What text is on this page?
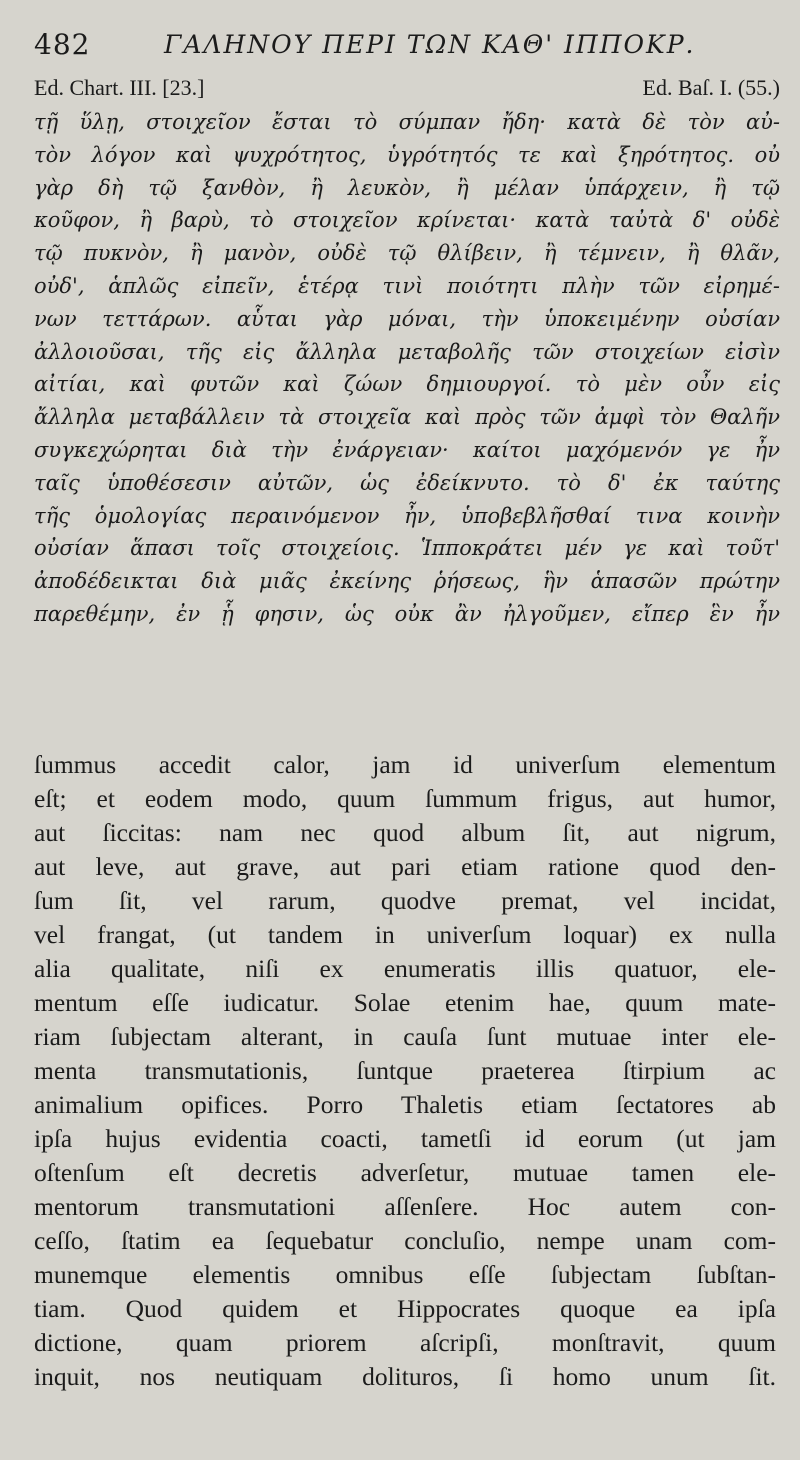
482	ΓΑΛΗΝΟΥ ΠΕΡΙ ΤΩΝ ΚΑΘ' ΙΠΠΟΚΡ.
Ed. Chart. III. [23.]	Ed. Baſ. I. (55.)
τῇ ὕλῃ, στοιχεῖον ἔσται τὸ σύμπαν ἤδη· κατὰ δὲ τὸν αὐ-
τὸν λόγον καὶ ψυχρότητος, ὑγρότητός τε καὶ ξηρότητος. οὐ
γὰρ δὴ τῷ ξανθὸν, ἢ λευκὸν, ἢ μέλαν ὑπάρχειν, ἢ τῷ
κοῦφον, ἢ βαρὺ, τὸ στοιχεῖον κρίνεται· κατὰ ταὐτὰ δ' οὐδὲ
τῷ πυκνὸν, ἢ μανὸν, οὐδὲ τῷ θλίβειν, ἢ τέμνειν, ἢ θλᾶν,
οὐδ', ἁπλῶς εἰπεῖν, ἑτέρᾳ τινὶ ποιότητι πλὴν τῶν εἰρημέ-
νων τεττάρων. αὗται γὰρ μόναι, τὴν ὑποκειμένην οὐσίαν
ἀλλοιοῦσαι, τῆς εἰς ἄλληλα μεταβολῆς τῶν στοιχείων εἰσὶν
αἰτίαι, καὶ φυτῶν καὶ ζώων δημιουργοί. τὸ μὲν οὖν εἰς
ἄλληλα μεταβάλλειν τὰ στοιχεῖα καὶ πρὸς τῶν ἀμφὶ τὸν Θαλῆν
συγκεχώρηται διὰ τὴν ἐνάργειαν· καίτοι μαχόμενόν γε ἦν
ταῖς ὑποθέσεσιν αὐτῶν, ὡς ἐδείκνυτο. τὸ δ' ἐκ ταύτης
τῆς ὁμολογίας περαινόμενον ἦν, ὑποβεβλῆσθαί τινα κοινὴν
οὐσίαν ἅπασι τοῖς στοιχείοις. Ἱπποκράτει μέν γε καὶ τοῦτ'
ἀποδέδεικται διὰ μιᾶς ἐκείνης ῥήσεως, ἣν ἁπασῶν πρώτην
παρεθέμην, ἐν ᾗ φησιν, ὡς οὐκ ἂν ἠλγοῦμεν, εἴπερ ἓν ἦν
ſummus accedit calor, jam id univerſum elementum
eſt; et eodem modo, quum ſummum frigus, aut humor,
aut ſiccitas: nam nec quod album ſit, aut nigrum,
aut leve, aut grave, aut pari etiam ratione quod den-
ſum ſit, vel rarum, quodve premat, vel incidat,
vel frangat, (ut tandem in univerſum loquar) ex nulla
alia qualitate, niſi ex enumeratis illis quatuor, ele-
mentum eſſe iudicatur. Solae etenim hae, quum mate-
riam ſubjectam alterant, in cauſa ſunt mutuae inter ele-
menta transmutationis, ſuntque praeterea ſtirpium ac
animalium opifices. Porro Thaletis etiam ſectatores ab
ipſa hujus evidentia coacti, tametſi id eorum (ut jam
oſtenſum eſt decretis adverſetur, mutuae tamen ele-
mentorum transmutationi aſſenſere. Hoc autem con-
ceſſo, ſtatim ea ſequebatur concluſio, nempe unam com-
munemque elementis omnibus eſſe ſubjectam ſubſtan-
tiam. Quod quidem et Hippocrates quoque ea ipſa
dictione, quam priorem aſcripſi, monſtravit, quum
inquit, nos neutiquam dolituros, ſi homo unum ſit.
